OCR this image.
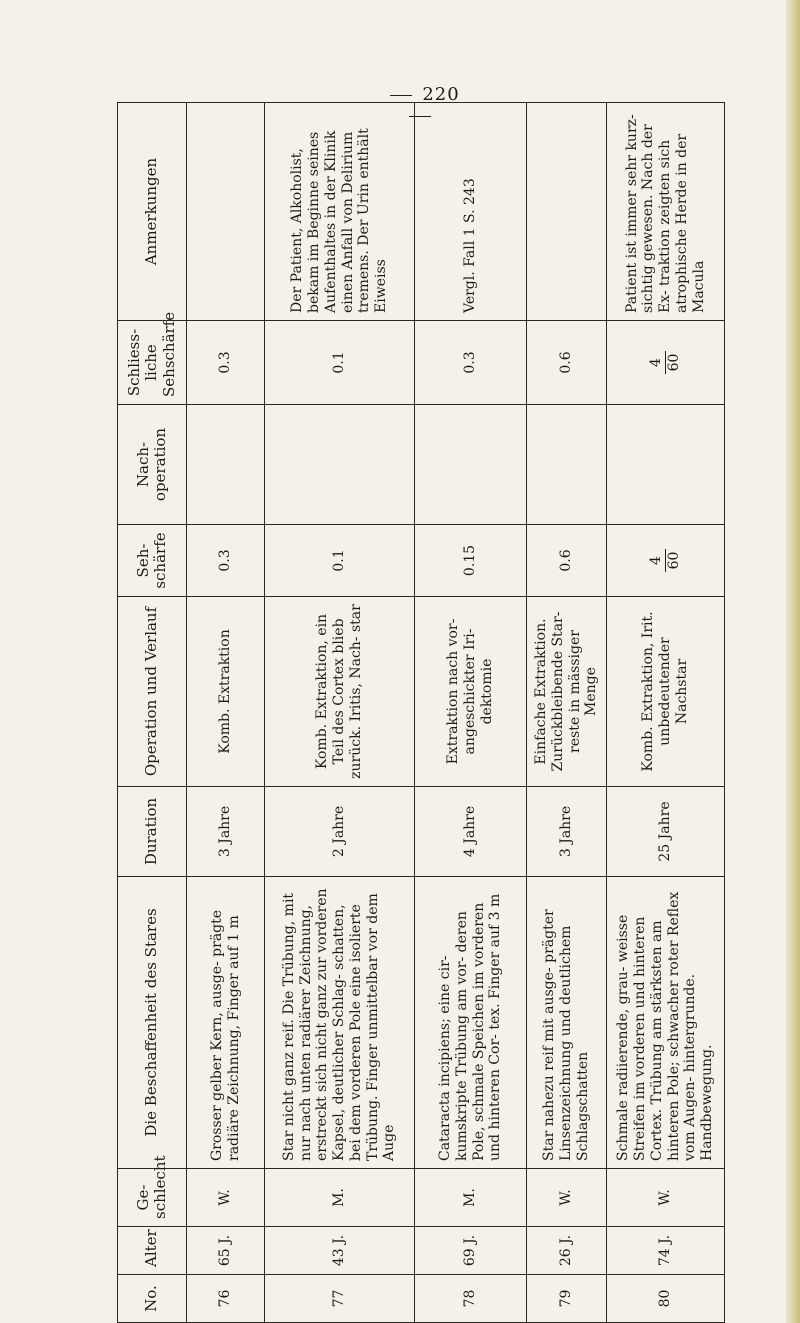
220
No.	Alter	Ge- schlecht	Die Beschaffenheit des Stares	Duration	Operation und Verlauf	Seh- schärfe	Nach- operation	Schliess- liche Sehschärfe	Anmerkungen
76	65 J.	W.	Grosser gelber Kern, ausge- prägte radiäre Zeichnung, Finger auf 1 m	3 Jahre	Komb. Extraktion	0.3		0.3	
77	43 J.	M.	Star nicht ganz reif. Die Trübung, mit nur nach unten radiärer Zeichnung, erstreckt sich nicht ganz zur vorderen Kapsel, deutlicher Schlag- schatten, bei dem vorderen Pole eine isolierte Trübung. Finger unmittelbar vor dem Auge	2 Jahre	Komb. Extraktion, ein Teil des Cortex blieb zurück. Iritis, Nach- star	0.1		0.1	Der Patient, Alkoholist, bekam im Beginne seines Aufenthaltes in der Klinik einen Anfall von Delirium tremens. Der Urin enthält Eiweiss
78	69 J.	M.	Cataracta incipiens; eine cir- kumskripte Trübung am vor- deren Pole, schmale Speichen im vorderen und hinteren Cor- tex. Finger auf 3 m	4 Jahre	Extraktion nach vor- angeschickter Iri- dektomie	0.15		0.3	Vergl. Fall 1 S. 243
79	26 J.	W.	Star nahezu reif mit ausge- prägter Linsenzeichnung und deutlichem Schlagschatten	3 Jahre	Einfache Extraktion. Zurückbleibende Star- reste in mässiger Menge	0.6		0.6	
80	74 J.	W.	Schmale radiierende, grau- weisse Streifen im vorderen und hinteren Cortex. Trübung am stärksten am hinteren Pole; schwacher roter Reflex vom Augen- hintergrunde. Handbewegung.	25 Jahre	Komb. Extraktion, Irit. unbedeutender Nachstar	4 60		4 60	Patient ist immer sehr kurz- sichtig gewesen. Nach der Ex- traktion zeigten sich atrophische Herde in der Macula
